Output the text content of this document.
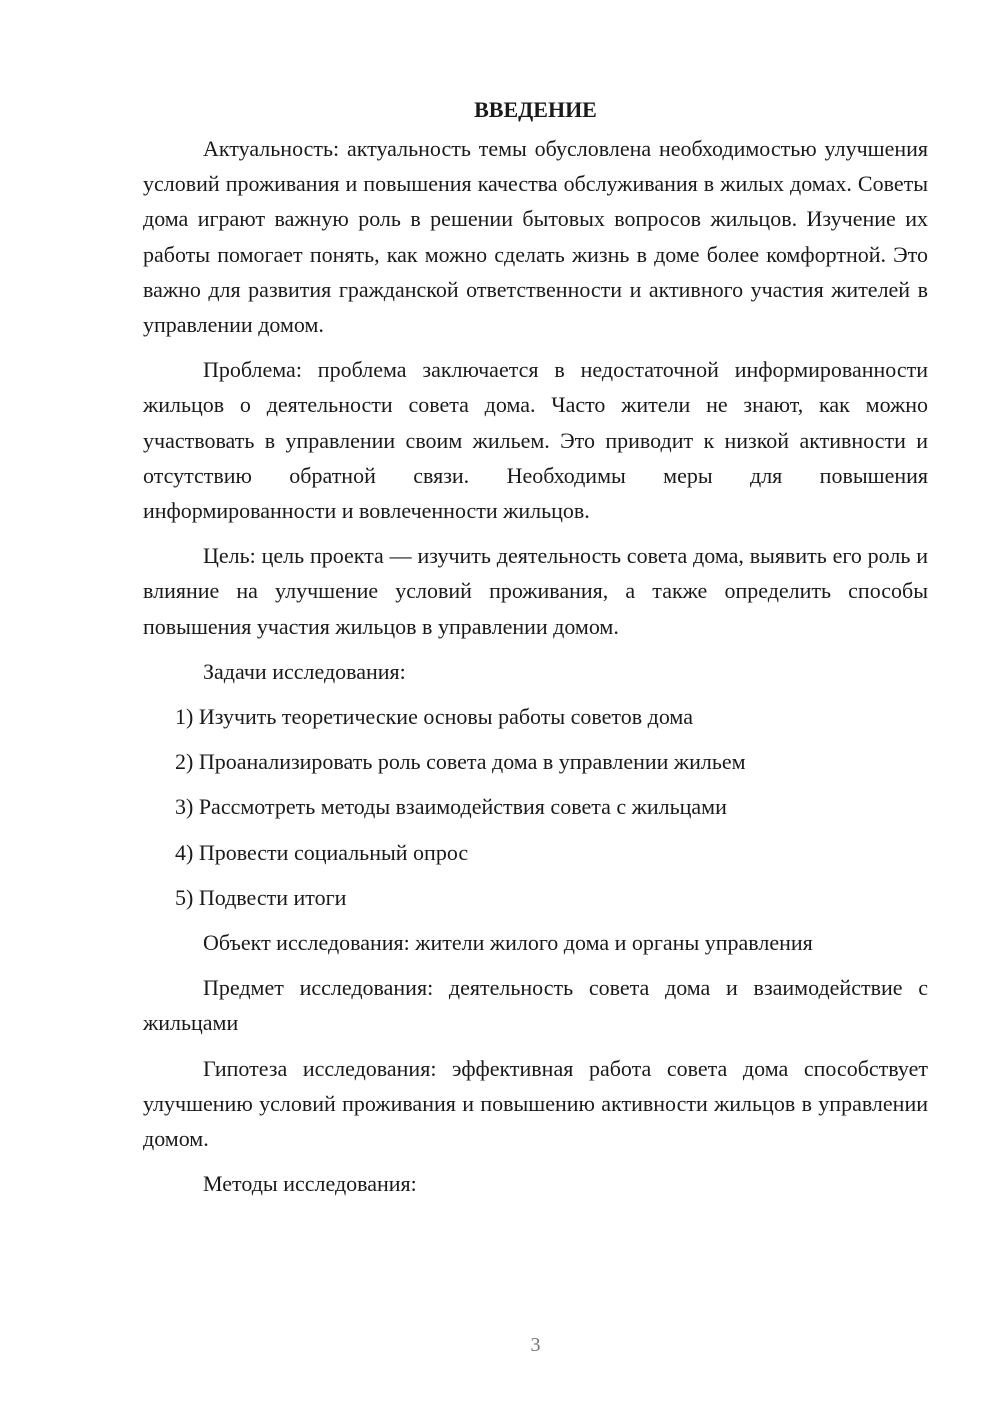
ВВЕДЕНИЕ

Актуальность: актуальность темы обусловлена необходимостью улучшения условий проживания и повышения качества обслуживания в жилых домах. Советы дома играют важную роль в решении бытовых вопросов жильцов. Изучение их работы помогает понять, как можно сделать жизнь в доме более комфортной. Это важно для развития гражданской ответственности и активного участия жителей в управлении домом.

Проблема: проблема заключается в недостаточной информированности жильцов о деятельности совета дома. Часто жители не знают, как можно участвовать в управлении своим жильем. Это приводит к низкой активности и отсутствию обратной связи. Необходимы меры для повышения информированности и вовлеченности жильцов.

Цель: цель проекта — изучить деятельность совета дома, выявить его роль и влияние на улучшение условий проживания, а также определить способы повышения участия жильцов в управлении домом.

Задачи исследования:

1) Изучить теоретические основы работы советов дома
2) Проанализировать роль совета дома в управлении жильем
3) Рассмотреть методы взаимодействия совета с жильцами
4) Провести социальный опрос
5) Подвести итоги

Объект исследования: жители жилого дома и органы управления

Предмет исследования: деятельность совета дома и взаимодействие с жильцами

Гипотеза исследования: эффективная работа совета дома способствует улучшению условий проживания и повышению активности жильцов в управлении домом.

Методы исследования:

3
